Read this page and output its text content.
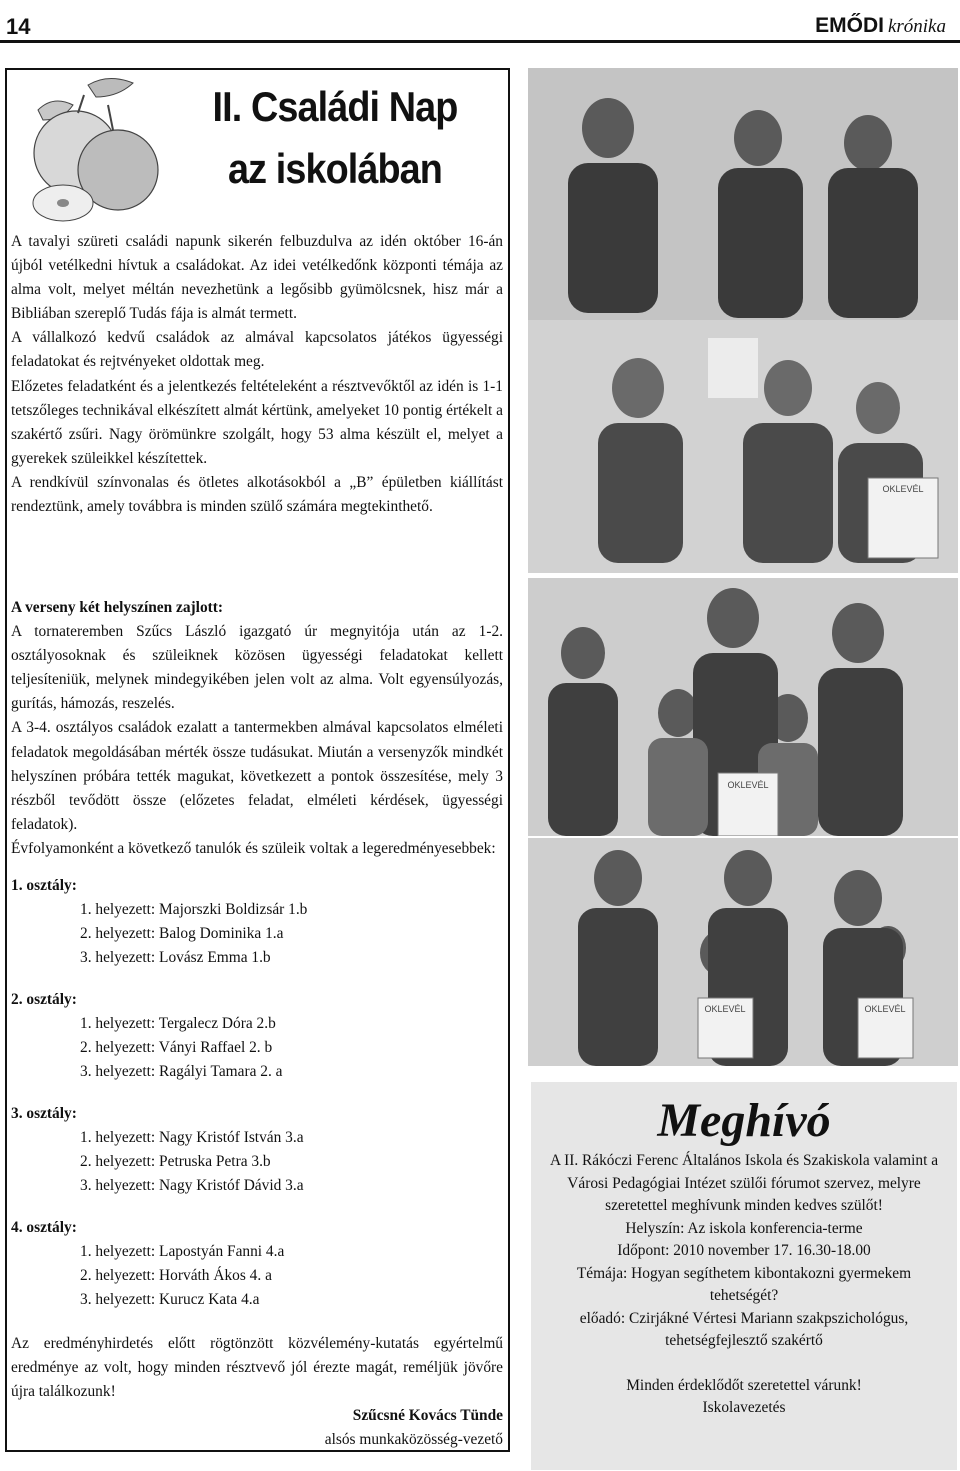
14	EMŐDI krónika
II. Családi Nap
az iskolában

A tavalyi szüreti családi napunk sikerén felbuzdulva az idén október 16-án újból vetélkedni hívtuk a családokat. Az idei vetélkedőnk központi témája az alma volt, melyet méltán nevezhetünk a legősibb gyümölcsnek, hisz már a Bibliában szereplő Tudás fája is almát termett.

A vállalkozó kedvű családok az almával kapcsolatos játékos ügyességi feladatokat és rejtvényeket oldottak meg.

Előzetes feladatként és a jelentkezés feltételeként a résztvevőktől az idén is 1-1 tetszőleges technikával elkészített almát kértünk, amelyeket 10 pontig értékelt a szakértő zsűri. Nagy örömünkre szolgált, hogy 53 alma készült el, melyet a gyerekek szüleikkel készítettek.

A rendkívül színvonalas és ötletes alkotásokból a „B” épületben kiállítást rendeztünk, amely továbbra is minden szülő számára megtekinthető.

A verseny két helyszínen zajlott:

A tornateremben Szűcs László igazgató úr megnyitója után az 1-2. osztályosoknak és szüleiknek közösen ügyességi feladatokat kellett teljesíteniük, melynek mindegyikében jelen volt az alma. Volt egyensúlyozás, gurítás, hámozás, reszelés.

A 3-4. osztályos családok ezalatt a tantermekben almával kapcsolatos elméleti feladatok megoldásában mérték össze tudásukat. Miután a versenyzők mindkét helyszínen próbára tették magukat, következett a pontok összesítése, mely 3 részből tevődött össze (előzetes feladat, elméleti kérdések, ügyességi feladatok).

Évfolyamonként a következő tanulók és szüleik voltak a legeredményesebbek:

1. osztály:

1. helyezett: Majorszki Boldizsár 1.b

2. helyezett: Balog Dominika 1.a

3. helyezett: Lovász Emma 1.b

2. osztály:

1. helyezett: Tergalecz Dóra 2.b

2. helyezett: Ványi Raffael 2. b

3. helyezett: Ragályi Tamara 2. a

3. osztály:

1. helyezett: Nagy Kristóf István 3.a

2. helyezett: Petruska Petra 3.b

3. helyezett: Nagy Kristóf Dávid 3.a

4. osztály:

1. helyezett: Lapostyán Fanni 4.a

2. helyezett: Horváth Ákos 4. a

3. helyezett: Kurucz Kata 4.a

Az eredményhirdetés előtt rögtönzött közvélemény-kutatás egyértelmű eredménye az volt, hogy minden résztvevő jól érezte magát, reméljük jövőre újra találkozunk!

Szűcsné Kovács Tünde

alsós munkaközösség-vezető

OKLEVÉL
OKLEVÉL
OKLEVÉL	OKLEVÉL
Meghívó

A II. Rákóczi Ferenc Általános Iskola és Szakiskola valamint a Városi Pedagógiai Intézet szülői fórumot szervez, melyre szeretettel meghívunk minden kedves szülőt!

Helyszín: Az iskola konferencia-terme

Időpont: 2010 november 17. 16.30-18.00

Témája: Hogyan segíthetem kibontakozni gyermekem tehetségét?

előadó: Czirjákné Vértesi Mariann szakpszichológus, tehetségfejlesztő szakértő

Minden érdeklődőt szeretettel várunk!

Iskolavezetés
